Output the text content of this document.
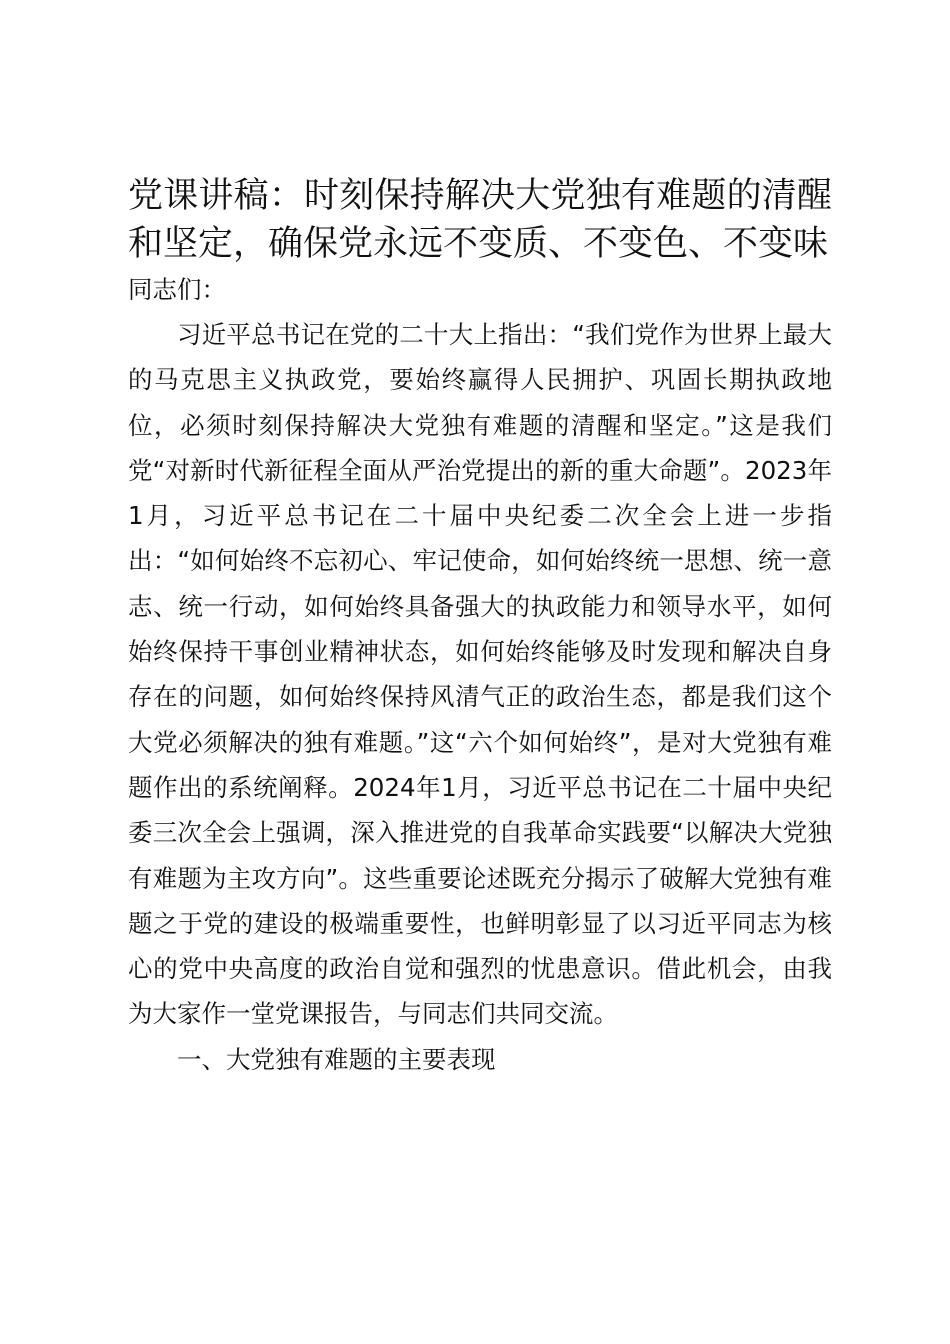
党课讲稿：时刻保持解决大党独有难题的清醒和坚定，确保党永远不变质、不变色、不变味

同志们：

习近平总书记在党的二十大上指出：“我们党作为世界上最大的马克思主义执政党，要始终赢得人民拥护、巩固长期执政地位，必须时刻保持解决大党独有难题的清醒和坚定。”这是我们党“对新时代新征程全面从严治党提出的新的重大命题”。2023年1月，习近平总书记在二十届中央纪委二次全会上进一步指出：“如何始终不忘初心、牢记使命，如何始终统一思想、统一意志、统一行动，如何始终具备强大的执政能力和领导水平，如何始终保持干事创业精神状态，如何始终能够及时发现和解决自身存在的问题，如何始终保持风清气正的政治生态，都是我们这个大党必须解决的独有难题。”这“六个如何始终”，是对大党独有难题作出的系统阐释。2024年1月，习近平总书记在二十届中央纪委三次全会上强调，深入推进党的自我革命实践要“以解决大党独有难题为主攻方向”。这些重要论述既充分揭示了破解大党独有难题之于党的建设的极端重要性，也鲜明彰显了以习近平同志为核心的党中央高度的政治自觉和强烈的忧患意识。借此机会，由我为大家作一堂党课报告，与同志们共同交流。

一、大党独有难题的主要表现
